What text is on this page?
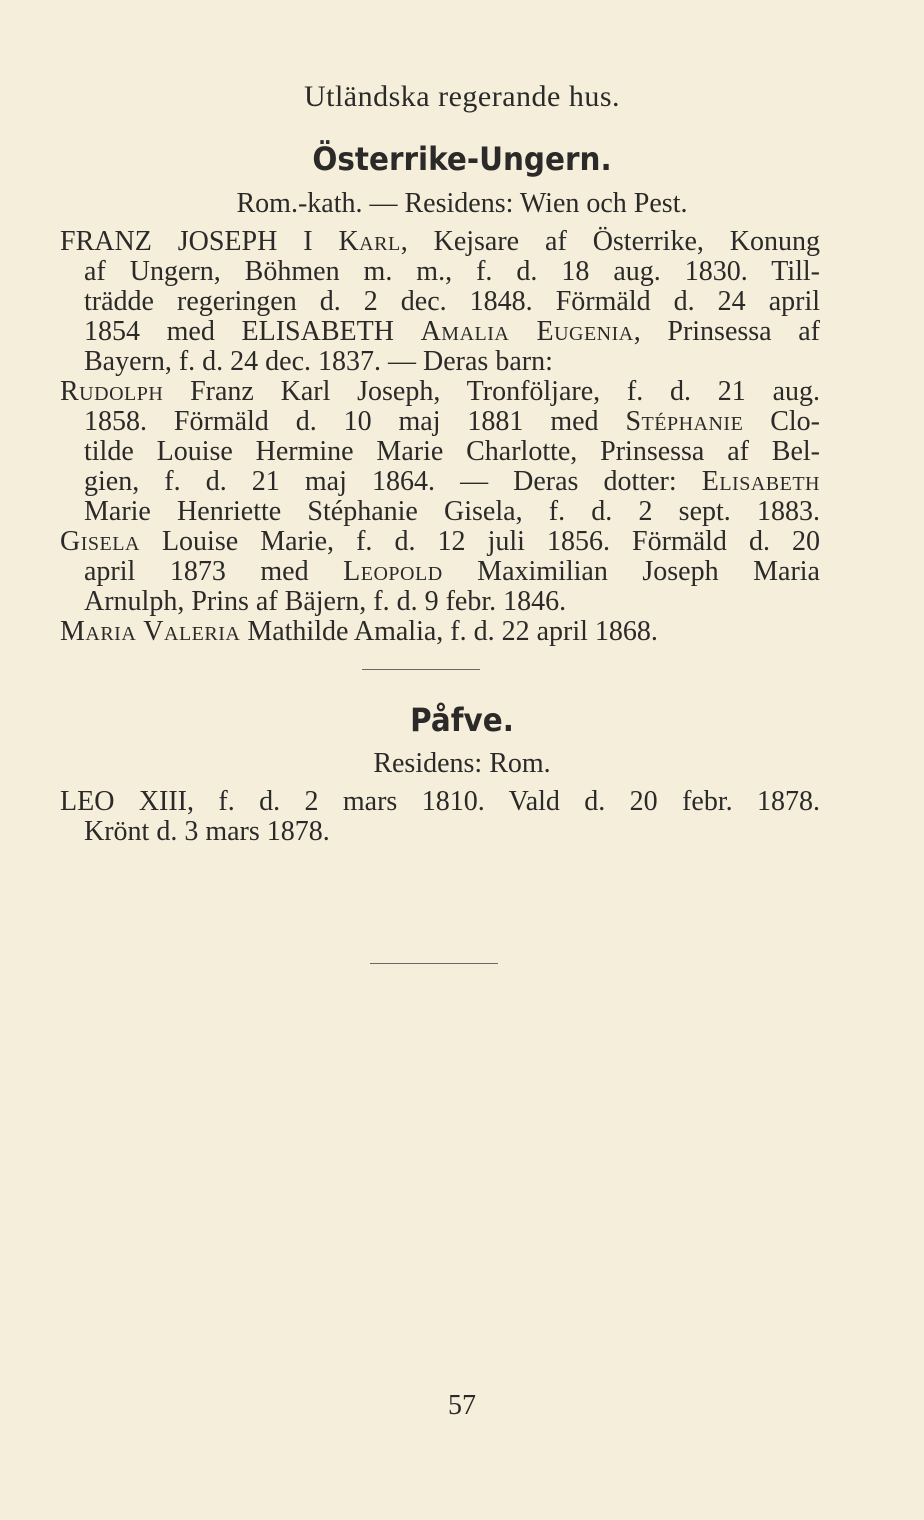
Utländska regerande hus.
Österrike-Ungern.
Rom.-kath. — Residens: Wien och Pest.
FRANZ JOSEPH I Karl, Kejsare af Österrike, Konung
af Ungern, Böhmen m. m., f. d. 18 aug. 1830. Till-
trädde regeringen d. 2 dec. 1848. Förmäld d. 24 april
1854 med ELISABETH Amalia Eugenia, Prinsessa af
Bayern, f. d. 24 dec. 1837. — Deras barn:
Rudolph Franz Karl Joseph, Tronföljare, f. d. 21 aug.
1858. Förmäld d. 10 maj 1881 med Stéphanie Clo-
tilde Louise Hermine Marie Charlotte, Prinsessa af Bel-
gien, f. d. 21 maj 1864. — Deras dotter: Elisabeth
Marie Henriette Stéphanie Gisela, f. d. 2 sept. 1883.
Gisela Louise Marie, f. d. 12 juli 1856. Förmäld d. 20
april 1873 med Leopold Maximilian Joseph Maria
Arnulph, Prins af Bäjern, f. d. 9 febr. 1846.
Maria Valeria Mathilde Amalia, f. d. 22 april 1868.
Påfve.
Residens: Rom.
LEO XIII, f. d. 2 mars 1810. Vald d. 20 febr. 1878.
Krönt d. 3 mars 1878.
57
